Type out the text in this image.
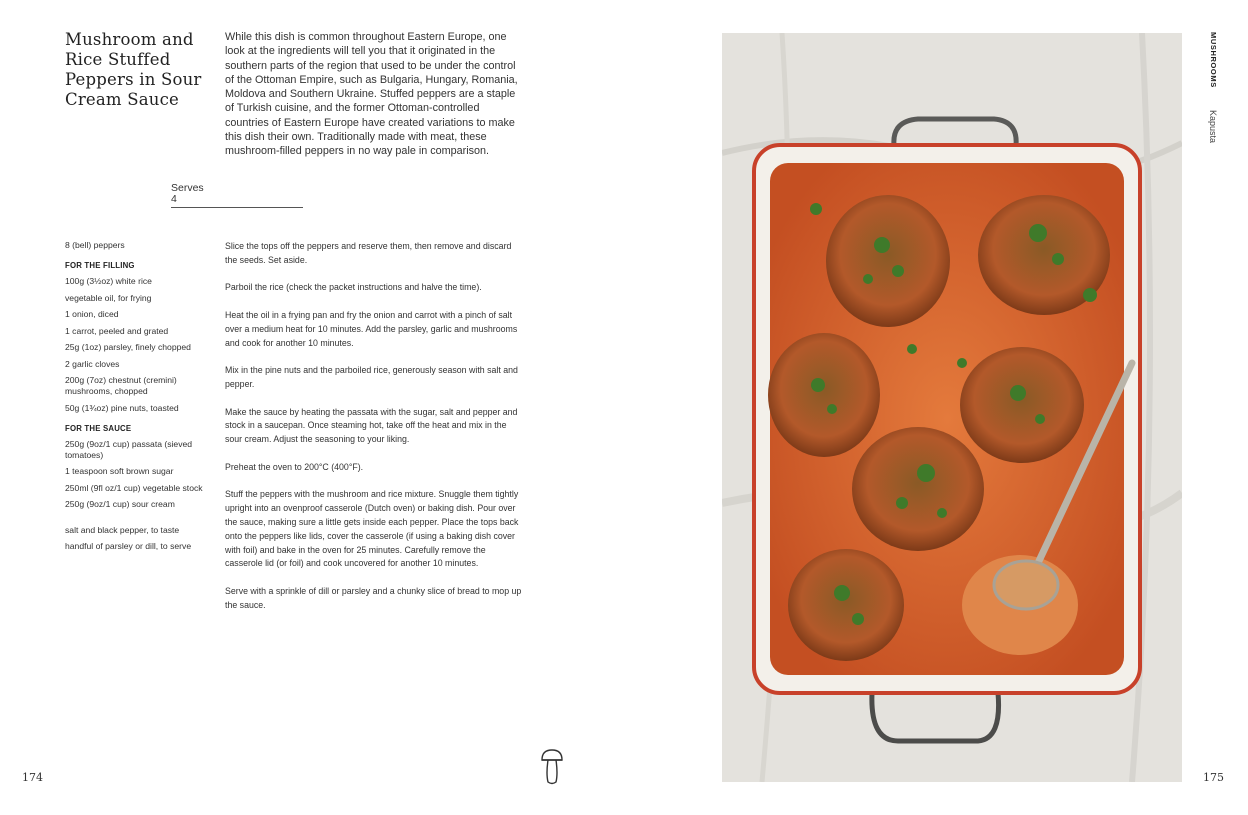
Mushroom and Rice Stuffed Peppers in Sour Cream Sauce
While this dish is common throughout Eastern Europe, one look at the ingredients will tell you that it originated in the southern parts of the region that used to be under the control of the Ottoman Empire, such as Bulgaria, Hungary, Romania, Moldova and Southern Ukraine. Stuffed peppers are a staple of Turkish cuisine, and the former Ottoman-controlled countries of Eastern Europe have created variations to make this dish their own. Traditionally made with meat, these mushroom-filled peppers in no way pale in comparison.
Serves
4
8 (bell) peppers
FOR THE FILLING
100g (3½oz) white rice
vegetable oil, for frying
1 onion, diced
1 carrot, peeled and grated
25g (1oz) parsley, finely chopped
2 garlic cloves
200g (7oz) chestnut (cremini) mushrooms, chopped
50g (1¾oz) pine nuts, toasted
FOR THE SAUCE
250g (9oz/1 cup) passata (sieved tomatoes)
1 teaspoon soft brown sugar
250ml (9fl oz/1 cup) vegetable stock
250g (9oz/1 cup) sour cream
salt and black pepper, to taste
handful of parsley or dill, to serve

Slice the tops off the peppers and reserve them, then remove and discard the seeds. Set aside.

Parboil the rice (check the packet instructions and halve the time).

Heat the oil in a frying pan and fry the onion and carrot with a pinch of salt over a medium heat for 10 minutes. Add the parsley, garlic and mushrooms and cook for another 10 minutes.

Mix in the pine nuts and the parboiled rice, generously season with salt and pepper.

Make the sauce by heating the passata with the sugar, salt and pepper and stock in a saucepan. Once steaming hot, take off the heat and mix in the sour cream. Adjust the seasoning to your liking.

Preheat the oven to 200°C (400°F).

Stuff the peppers with the mushroom and rice mixture. Snuggle them tightly upright into an ovenproof casserole (Dutch oven) or baking dish. Pour over the sauce, making sure a little gets inside each pepper. Place the tops back onto the peppers like lids, cover the casserole (if using a baking dish cover with foil) and bake in the oven for 25 minutes. Carefully remove the casserole lid (or foil) and cook uncovered for another 10 minutes.

Serve with a sprinkle of dill or parsley and a chunky slice of bread to mop up the sauce.

174
MUSHROOMS
Kapusta
175
